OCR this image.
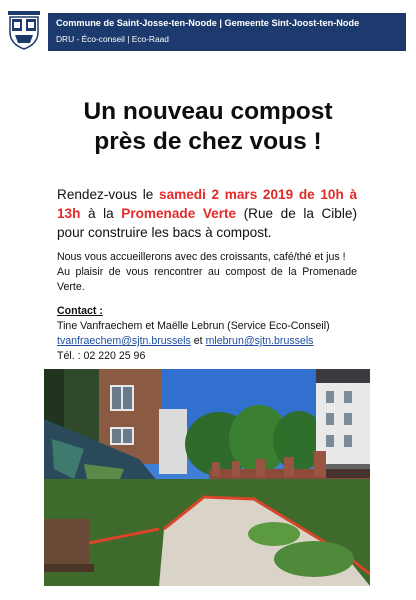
Commune de Saint-Josse-ten-Noode | Gemeente Sint-Joost-ten-Node
DRU - Éco-conseil | Eco-Raad
Un nouveau compost
près de chez vous !
Rendez-vous le samedi 2 mars 2019 de 10h à 13h à la Promenade Verte (Rue de la Cible) pour construire les bacs à compost.

Nous vous accueillerons avec des croissants, café/thé et jus !

Au plaisir de vous rencontrer au compost de la Promenade Verte.

Contact :

Tine Vanfraechem et Maëlle Lebrun (Service Eco-Conseil)

tvanfraechem@sjtn.brussels et mlebrun@sjtn.brussels

Tél. : 02 220 25 96
